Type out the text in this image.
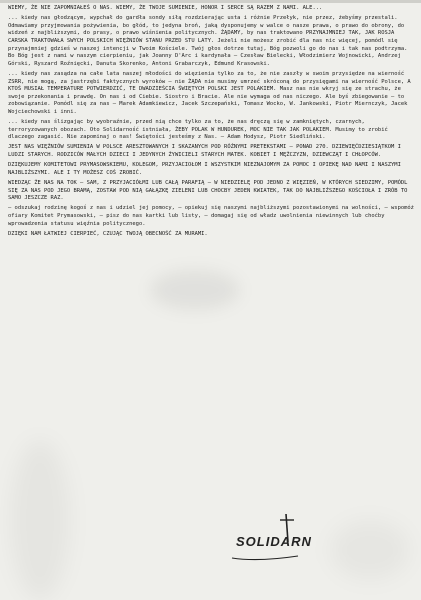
WIEMY, ŻE NIE ZAPOMNIAŁEŚ O NAS. WIEMY, ŻE TWOJE SUMIENIE, HONOR I SERCE SĄ RAZEM Z NAMI. ALE...

... kiedy nas głodzącym, wypchał do gardła sondy siłą rozdzierając usta i różnie Przełyk, nie przez, żebyśmy przestali. Odmawiamy przyjmowania pożywienia, bo głód, to jedyna broń, jaką dysponujemy w walce o nasze prawa, o prawo do obrony, do widzeń z najbliższymi, do prasy, o prawo wiśnienia politycznych. ŻĄDAMY, by nas traktowano PRZYNAJMNIEJ TAK, JAK ROSJA CARSKA TRAKTOWAŁA SWYCH POLSKICH WIĘŹNIÓW STANU PRZED STU LATY. Jeżeli nie możesz zrobić dla nas nic więcej, pomódl się przynajmniej gdzieś w naszej intencji w Twoim Kościele. Twój głos dotrze tutaj, Bóg pozwoli go do nas i tak nas podtrzyma. Bo Bóg jest z nami w naszym cierpieniu, jak Joanny D'Arc i kardynała — Czesław Bielecki, Włodzimierz Wojnowicki, Andrzej Górski, Ryszard Roźnięcki, Danuta Skorenko, Antoni Grabarczyk, Edmund Krasowski.

... kiedy nas zasądza na całe lata naszej młodości do więzienia tylko za to, że nie zaszły w swoim przysiędze na wierność ZSRR, nie mogą, za jastrzębi faktycznych wyroków — nie ŻĄDA nie musimy umrzeć skróconą do przysięgami na wierność Polsce, A KTOŚ MUSIAŁ TEMPERATURE POTWIERDZIĆ, TE DWADZIEŚCIA ŚWIĘTYCH POLSKI JEST POLAKIEM. Masz nas nie wkryj się ze strachu, że swoje przekonania i prawdę. On nas i od Ciebie. Siostro i Bracie. Ale nie wymaga od nas niczego. Ale byś zbiegowanie — to zobowiązanie. Pomódl się za nas — Marek Adamkiewicz, Jacek Szczepański, Tomasz Wocko, W. Jankowski, Piotr Miernczyk, Jacek Wojciechowski i inni.

... kiedy nas ślizgając by wyobraźnie, przed nią chce tylko za to, że nas dręczą się w zamkniętych, czarnych, terroryzowanych obozach. Oto Solidarność istniała, ŻEBY POLAK W HUNDUREK, MOC NIE TAK JAK POLAKIEM. Musimy to zrobić dlaczego zagasić. Nie zapominaj o nas! Świętości jesteśmy z Nas. — Adam Hodysz, Piotr Siedliński.

JEST NAS WIĘŹNIÓW SUMIENIA W POLSCE ARESZTOWANYCH I SKAZANYCH POD RÓŻNYMI PRETEKSTAMI — PONAD 270. DZIEWIĘĆDZIESIĄTKOM I LUDZI STARYCH. RODZICÓW MAŁYCH DZIECI I JEDYNYCH ŻYWICIELI STARYCH MATEK. KOBIET I MĘŻCZYZN, DZIEWCZĄT I CHŁOPCÓW.

DZIĘKUJEMY KOMITETOWI PRYMASOWSKIEMU, KOLEGOM, PRZYJACIOŁOM I WSZYSTKIM NIEZNAJOMYM ZA POMOC I OPIEKĘ NAD NAMI I NASZYMI NAJBLIŻSZYMI. ALE I TY MOŻESZ COŚ ZROBIĆ.

WIEDZĄC ŻE NAS NA TOK — SAM, Z PRZYJACIÓŁMI LUB CAŁĄ PARAFIĄ — W NIEDZIELĘ POD JEDNO Z WIĘZIEŃ, W KTÓRYCH SIEDZIMY, POMÓDL SIĘ ZA NAS POD JEGO BRAMĄ, ZOSTAW POD NIĄ GAŁĄZKĘ ZIELENI LUB CHOCBY JEDEN KWIATEK, TAK DO NAJBLIŻSZEGO KOŚCIOŁA I ZRÓB TO SAMO JESZCZE RAZ.

— odszukaj rodzinę kogoś z nas i udziel jej pomocy, — opiekuj się naszymi najbliższymi pozostawionymi na wolności, — wspomóż ofiary Komitet Prymasowski, — pisz do nas kartki lub listy, — domagaj się od władz uwolnienia niewinnych lub choćby wprowadzenia statusu więźnia politycznego.

DZIĘKI NAM ŁATWIEJ CIERPIEĆ, CZUJĄC TWOJĄ OBECNOŚĆ ZA MURAMI.

SOLIDARN
